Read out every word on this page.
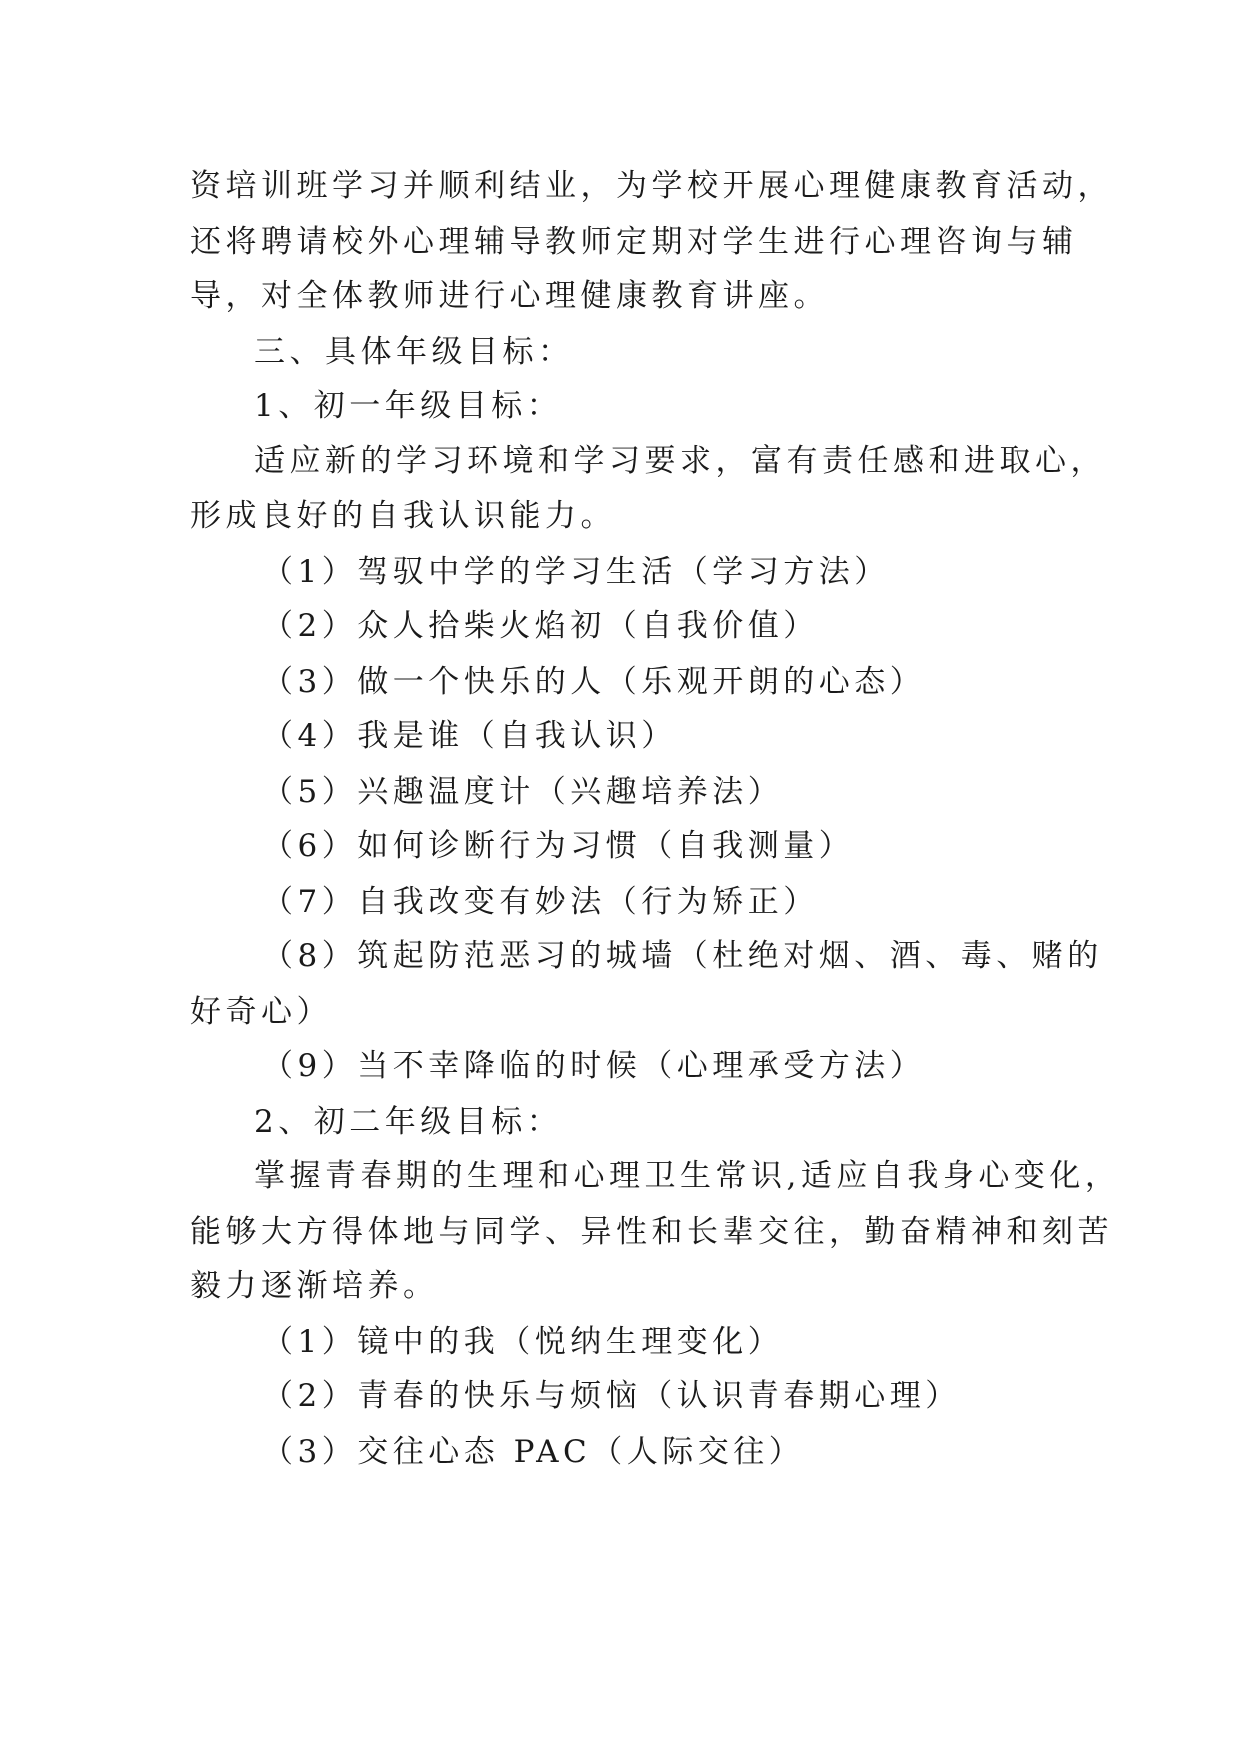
资培训班学习并顺利结业，为学校开展心理健康教育活动，
还将聘请校外心理辅导教师定期对学生进行心理咨询与辅
导，对全体教师进行心理健康教育讲座。
三、具体年级目标：
1、初一年级目标：
适应新的学习环境和学习要求，富有责任感和进取心，
形成良好的自我认识能力。
（1）驾驭中学的学习生活（学习方法）
（2）众人拾柴火焰初（自我价值）
（3）做一个快乐的人（乐观开朗的心态）
（4）我是谁（自我认识）
（5）兴趣温度计（兴趣培养法）
（6）如何诊断行为习惯（自我测量）
（7）自我改变有妙法（行为矫正）
（8）筑起防范恶习的城墙（杜绝对烟、酒、毒、赌的
好奇心）
（9）当不幸降临的时候（心理承受方法）
2、初二年级目标：
掌握青春期的生理和心理卫生常识,适应自我身心变化，
能够大方得体地与同学、异性和长辈交往，勤奋精神和刻苦
毅力逐渐培养。
（1）镜中的我（悦纳生理变化）
（2）青春的快乐与烦恼（认识青春期心理）
（3）交往心态 PAC（人际交往）
